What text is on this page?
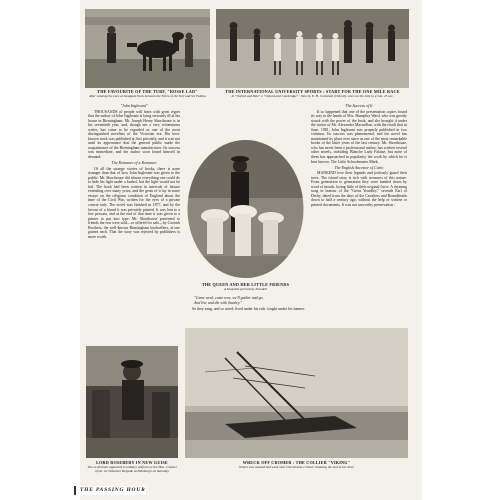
THE FAVOURITE OF THE TURF, "ROSSE LAD"
After winning the race at Sandgate Park between the Three of the Turf and Sir Falkins
THE INTERNATIONAL UNIVERSITY SPORTS : START FOR THE ONE MILE RACE
In "Oxford and Yale" v. "Oxford and Cambridge" : Won by E. H. Cockshutt (Oxford), who ran the mile in 4 min. 25 sec.
"John Inglesant"

THOUSANDS of people will learn with great regret that the author of John Inglesant is lying seriously ill at his house in Birmingham. Mr. Joseph Henry Shorthouse is in his seventieth year, and, though not a very voluminous writer, has come to be regarded as one of the most distinguished novelists of the Victorian era. His best-known work was published at first privately, and it was not until its appearance that the general public made the acquaintance of the Birmingham manufacturer. Its success was immediate, and the author soon found himself in demand.

The Romance of a Romance

Of all the strange stories of books, there is none stranger than that of how John Inglesant was given to the public. Mr. Shorthouse did almost everything one could do to hide his light under a bushel, but the light would not be hid. The book had been written in intervals of leisure extending over many years, and the germ of it lay in some essays on the religious condition of England about the time of the Civil War, written for the eyes of a private coterie only. The novel was finished in 1877, and by the favour of a friend it was privately printed. It was lent to a few persons, and at the end of that time it was given to a printer to put into type. Mr. Shorthouse presented to friends the rest were sold—or offered for sale—by Cornish Brothers, the well-known Birmingham booksellers, at one guinea each. That the story was rejected by publishers is more worth.

THE QUEEN AND HER LITTLE FRIENDS
A Snapshot portrait by Dowdell
The Success of It

It so happened that one of the presentation copies found its way to the hands of Mrs. Humphry Ward, who was greatly struck with the power of the book, and she brought it under the notice of Mr. Alexander Macmillan, with the result that in June, 1881, John Inglesant was properly published in two volumes. Its success was phenomenal, and the novel has maintained its place ever since as one of the most remarkable books of the latter years of the last century. Mr. Shorthouse, who has never been a professional author, has written several other novels, including Blanche Lady Falaise, but none of them has approached in popularity the work by which he is best known. The Little Schoolmaster Mark.

The English Ancestor of Curio

MANKIND love their legends and jealously guard their trees. The island story is rich with treasures of this nature. From generation to generation they were handed down by word of mouth, losing little of their original force. A rhyming song in honour of the "Great Yeardley," seventh Earl of Derby, dated from the days of the Cavaliers and Roundheads down to half a century ago, without the help of written or printed documents. It was not unworthy preservation :

"Come weal, come woe, we'll gather and go,
And live and die with Stanley."

So they sang, and so acted; lived under his rule, fought under his banner.

LORD ROSEBERY IN NEW GUISE
The ex-Premier appeared in military uniform as the Hon. Colonel of the 1st Volunteer Brigade at Edinburgh on Saturday
WRECK OFF CROMER : THE COLLIER "VIKING"
Which was washed last week near Overstrand, Cromer, breaking the last of her lines
THE PASSING HOUR
